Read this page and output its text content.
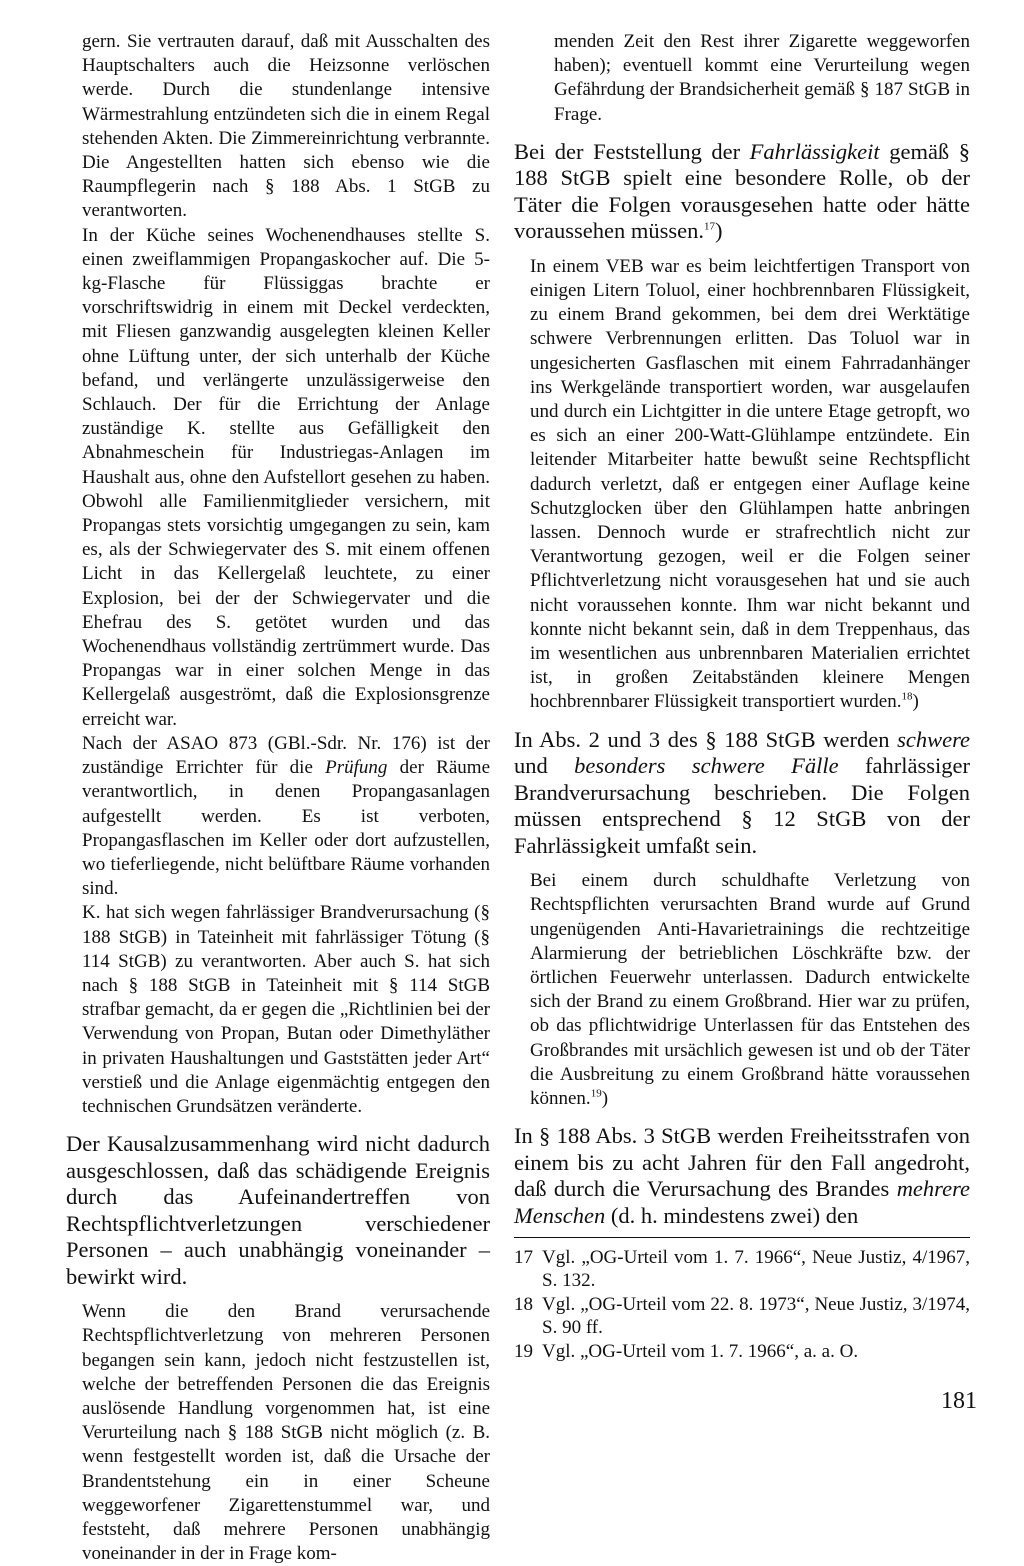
gern. Sie vertrauten darauf, daß mit Ausschalten des Hauptschalters auch die Heizsonne verlöschen werde. Durch die stundenlange intensive Wärmestrahlung entzündeten sich die in einem Regal stehenden Akten. Die Zimmereinrichtung verbrannte. Die Angestellten hatten sich ebenso wie die Raumpflegerin nach § 188 Abs. 1 StGB zu verantworten.

In der Küche seines Wochenendhauses stellte S. einen zweiflammigen Propangaskocher auf. Die 5-kg-Flasche für Flüssiggas brachte er vorschriftswidrig in einem mit Deckel verdeckten, mit Fliesen ganzwandig ausgelegten kleinen Keller ohne Lüftung unter, der sich unterhalb der Küche befand, und verlängerte unzulässigerweise den Schlauch. Der für die Errichtung der Anlage zuständige K. stellte aus Gefälligkeit den Abnahmeschein für Industriegas-Anlagen im Haushalt aus, ohne den Aufstellort gesehen zu haben. Obwohl alle Familienmitglieder versichern, mit Propangas stets vorsichtig umgegangen zu sein, kam es, als der Schwiegervater des S. mit einem offenen Licht in das Kellergelaß leuchtete, zu einer Explosion, bei der der Schwiegervater und die Ehefrau des S. getötet wurden und das Wochenendhaus vollständig zertrümmert wurde. Das Propangas war in einer solchen Menge in das Kellergelaß ausgeströmt, daß die Explosionsgrenze erreicht war.

Nach der ASAO 873 (GBl.-Sdr. Nr. 176) ist der zuständige Errichter für die Prüfung der Räume verantwortlich, in denen Propangasanlagen aufgestellt werden. Es ist verboten, Propangasflaschen im Keller oder dort aufzustellen, wo tieferliegende, nicht belüftbare Räume vorhanden sind.

K. hat sich wegen fahrlässiger Brandverursachung (§ 188 StGB) in Tateinheit mit fahrlässiger Tötung (§ 114 StGB) zu verantworten. Aber auch S. hat sich nach § 188 StGB in Tateinheit mit § 114 StGB strafbar gemacht, da er gegen die „Richtlinien bei der Verwendung von Propan, Butan oder Dimethyläther in privaten Haushaltungen und Gaststätten jeder Art“ verstieß und die Anlage eigenmächtig entgegen den technischen Grundsätzen veränderte.

Der Kausalzusammenhang wird nicht dadurch ausgeschlossen, daß das schädigende Ereignis durch das Aufeinandertreffen von Rechtspflichtverletzungen verschiedener Personen – auch unabhängig voneinander – bewirkt wird.

Wenn die den Brand verursachende Rechtspflichtverletzung von mehreren Personen begangen sein kann, jedoch nicht festzustellen ist, welche der betreffenden Personen die das Ereignis auslösende Handlung vorgenommen hat, ist eine Verurteilung nach § 188 StGB nicht möglich (z. B. wenn festgestellt worden ist, daß die Ursache der Brandentstehung ein in einer Scheune weggeworfener Zigarettenstummel war, und feststeht, daß mehrere Personen unabhängig voneinander in der in Frage kom-

menden Zeit den Rest ihrer Zigarette weggeworfen haben); eventuell kommt eine Verurteilung wegen Gefährdung der Brandsicherheit gemäß § 187 StGB in Frage.

Bei der Feststellung der Fahrlässigkeit gemäß § 188 StGB spielt eine besondere Rolle, ob der Täter die Folgen vorausgesehen hatte oder hätte voraussehen müssen.$^{17}$)

In einem VEB war es beim leichtfertigen Transport von einigen Litern Toluol, einer hochbrennbaren Flüssigkeit, zu einem Brand gekommen, bei dem drei Werktätige schwere Verbrennungen erlitten. Das Toluol war in ungesicherten Gasflaschen mit einem Fahrradanhänger ins Werkgelände transportiert worden, war ausgelaufen und durch ein Lichtgitter in die untere Etage getropft, wo es sich an einer 200-Watt-Glühlampe entzündete. Ein leitender Mitarbeiter hatte bewußt seine Rechtspflicht dadurch verletzt, daß er entgegen einer Auflage keine Schutzglocken über den Glühlampen hatte anbringen lassen. Dennoch wurde er strafrechtlich nicht zur Verantwortung gezogen, weil er die Folgen seiner Pflichtverletzung nicht vorausgesehen hat und sie auch nicht voraussehen konnte. Ihm war nicht bekannt und konnte nicht bekannt sein, daß in dem Treppenhaus, das im wesentlichen aus unbrennbaren Materialien errichtet ist, in großen Zeitabständen kleinere Mengen hochbrennbarer Flüssigkeit transportiert wurden.$^{18}$)

In Abs. 2 und 3 des § 188 StGB werden schwere und besonders schwere Fälle fahrlässiger Brandverursachung beschrieben. Die Folgen müssen entsprechend § 12 StGB von der Fahrlässigkeit umfaßt sein.

Bei einem durch schuldhafte Verletzung von Rechtspflichten verursachten Brand wurde auf Grund ungenügenden Anti-Havarietrainings die rechtzeitige Alarmierung der betrieblichen Löschkräfte bzw. der örtlichen Feuerwehr unterlassen. Dadurch entwickelte sich der Brand zu einem Großbrand. Hier war zu prüfen, ob das pflichtwidrige Unterlassen für das Entstehen des Großbrandes mit ursächlich gewesen ist und ob der Täter die Ausbreitung zu einem Großbrand hätte voraussehen können.$^{19}$)

In § 188 Abs. 3 StGB werden Freiheitsstrafen von einem bis zu acht Jahren für den Fall angedroht, daß durch die Verursachung des Brandes mehrere Menschen (d. h. mindestens zwei) den

17 Vgl. „OG-Urteil vom 1. 7. 1966“, Neue Justiz, 4/1967, S. 132.
18 Vgl. „OG-Urteil vom 22. 8. 1973“, Neue Justiz, 3/1974, S. 90 ff.
19 Vgl. „OG-Urteil vom 1. 7. 1966“, a. a. O.
181
